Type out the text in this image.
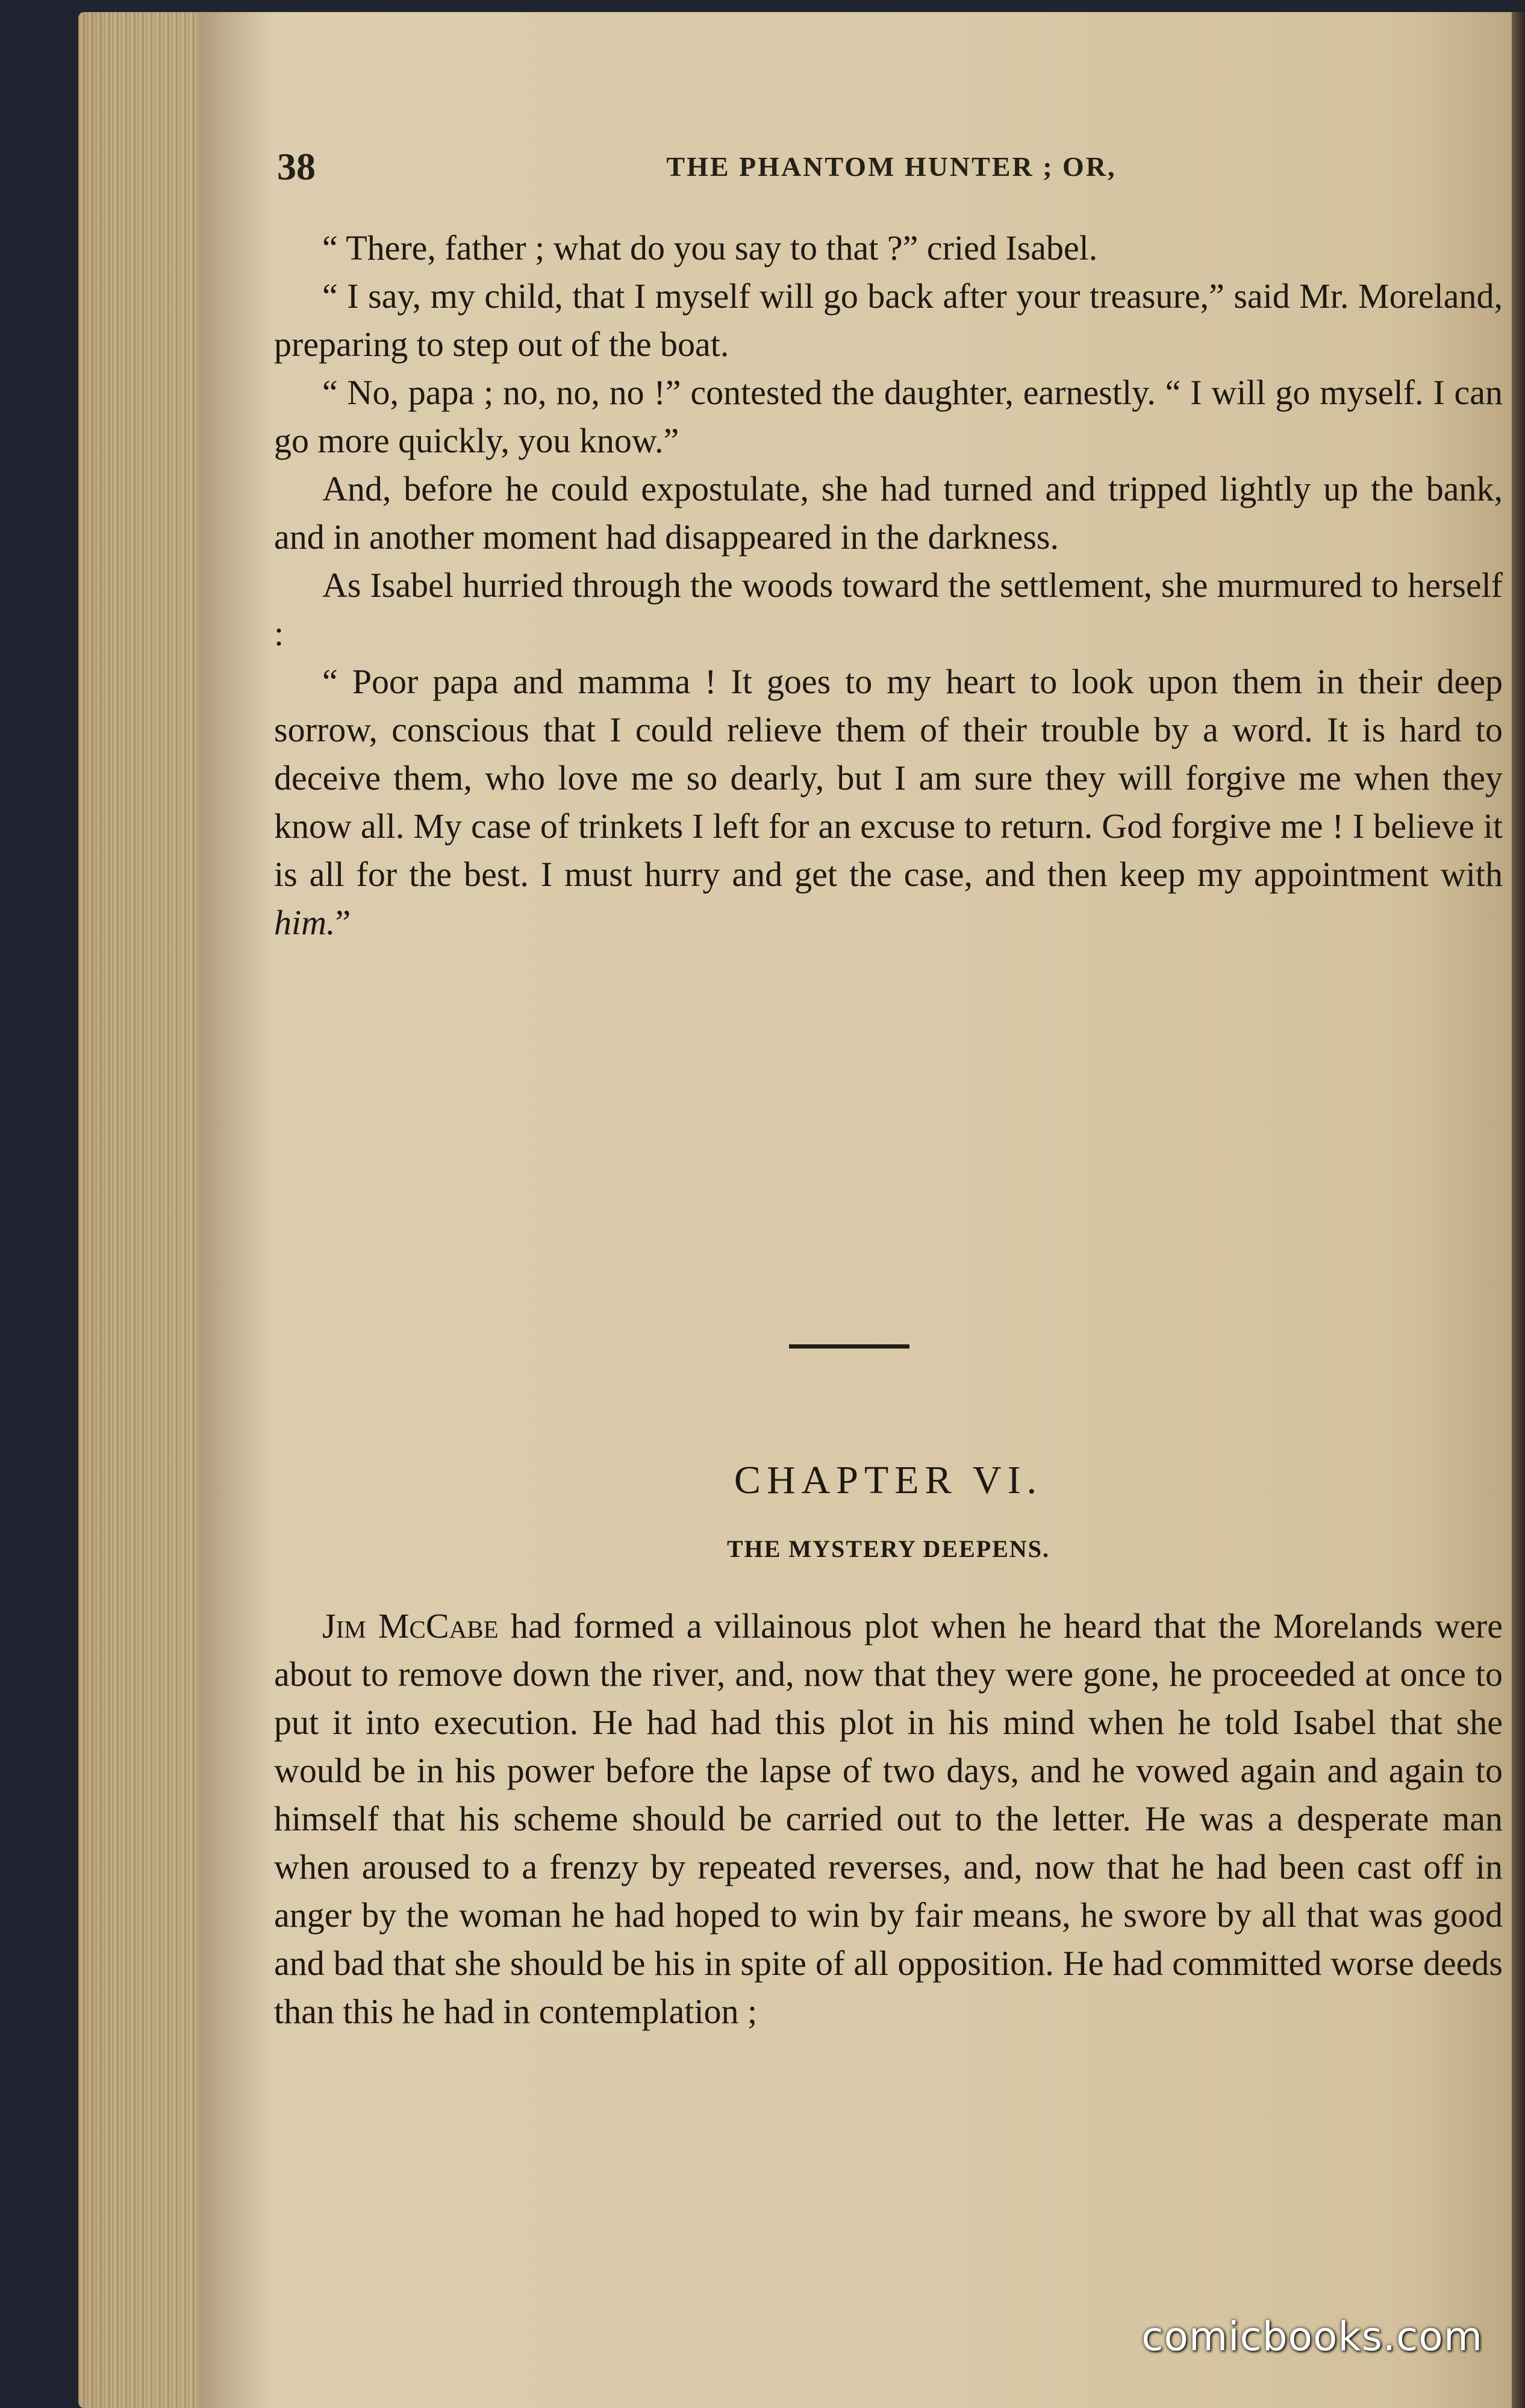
38	THE PHANTOM HUNTER ; OR,

“ There, father ; what do you say to that ?” cried Isabel.

“ I say, my child, that I myself will go back after your treasure,” said Mr. Moreland, preparing to step out of the boat.

“ No, papa ; no, no, no !” contested the daughter, earnestly. “ I will go myself. I can go more quickly, you know.”

And, before he could expostulate, she had turned and tripped lightly up the bank, and in another moment had disappeared in the darkness.

As Isabel hurried through the woods toward the settlement, she murmured to herself :

“ Poor papa and mamma ! It goes to my heart to look upon them in their deep sorrow, conscious that I could relieve them of their trouble by a word. It is hard to deceive them, who love me so dearly, but I am sure they will forgive me when they know all. My case of trinkets I left for an excuse to return. God forgive me ! I believe it is all for the best. I must hurry and get the case, and then keep my appointment with him.”

CHAPTER VI.
THE MYSTERY DEEPENS.

Jim McCabe had formed a villainous plot when he heard that the Morelands were about to remove down the river, and, now that they were gone, he proceeded at once to put it into execution. He had had this plot in his mind when he told Isabel that she would be in his power before the lapse of two days, and he vowed again and again to himself that his scheme should be carried out to the letter. He was a desperate man when aroused to a frenzy by repeated reverses, and, now that he had been cast off in anger by the woman he had hoped to win by fair means, he swore by all that was good and bad that she should be his in spite of all opposition. He had committed worse deeds than this he had in contemplation ;

comicbooks.com
